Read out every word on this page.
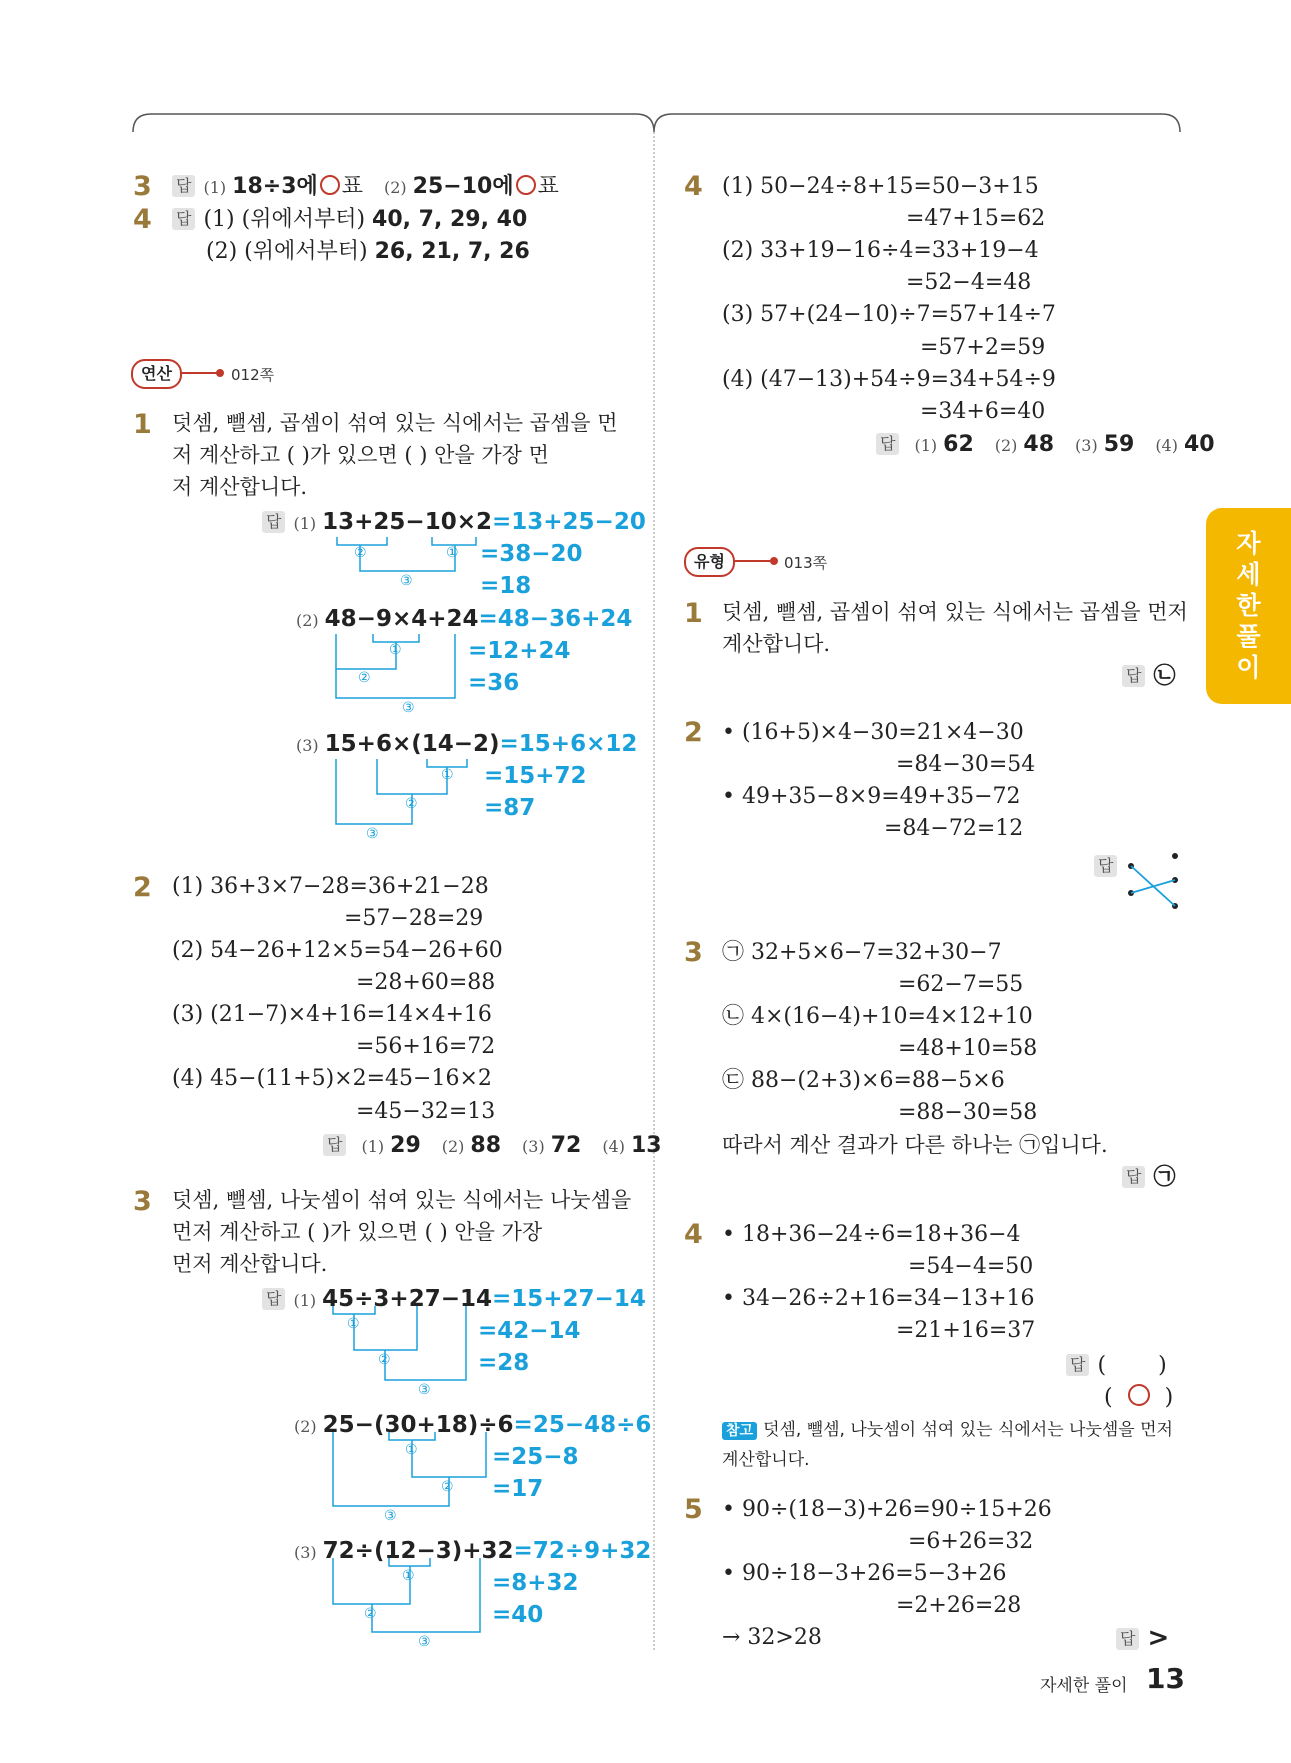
3 답 (1) 18÷3에 ○ 표 (2) 25−10에 ○ 표
4 답 (1) (위에서부터) 40, 7, 29, 40
(2) (위에서부터) 26, 21, 7, 26
연산	012쪽
1 덧셈, 뺄셈, 곱셈이 섞여 있는 식에서는 곱셈을 먼
저 계산하고 ( )가 있으면 ( ) 안을 가장 먼
저 계산합니다.
답 (1) 13+25−10×2=13+25−20
=38−20
=18
(2) 48−9×4+24=48−36+24
=12+24
=36
(3) 15+6×(14−2)=15+6×12
=15+72
=87
②	①
③
①
②
③
①
②
③
2 (1) 36+3×7−28=36+21−28
=57−28=29
(2) 54−26+12×5=54−26+60
=28+60=88
(3) (21−7)×4+16=14×4+16
=56+16=72
(4) 45−(11+5)×2=45−16×2
=45−32=13
답 (1) 29 (2) 88 (3) 72 (4) 13
3 덧셈, 뺄셈, 나눗셈이 섞여 있는 식에서는 나눗셈을
먼저 계산하고 ( )가 있으면 ( ) 안을 가장
먼저 계산합니다.
답 (1) 45÷3+27−14=15+27−14
=42−14
=28
(2) 25−(30+18)÷6=25−48÷6
=25−8
=17
(3) 72÷(12−3)+32=72÷9+32
=8+32
=40
①
②
③
①
②
③
①
②
③
4 (1) 50−24÷8+15=50−3+15
=47+15=62
(2) 33+19−16÷4=33+19−4
=52−4=48
(3) 57+(24−10)÷7=57+14÷7
=57+2=59
(4) (47−13)+54÷9=34+54÷9
=34+6=40
답 (1) 62 (2) 48 (3) 59 (4) 40
유형	013쪽
1 덧셈, 뺄셈, 곱셈이 섞여 있는 식에서는 곱셈을 먼저
계산합니다.
답 ㉡
2 • (16+5)×4−30=21×4−30
=84−30=54
• 49+35−8×9=49+35−72
=84−72=12
답
3 ㉠ 32+5×6−7=32+30−7
=62−7=55
㉡ 4×(16−4)+10=4×12+10
=48+10=58
㉢ 88−(2+3)×6=88−5×6
=88−30=58
따라서 계산 결과가 다른 하나는 ㉠입니다.
답 ㉠
4 • 18+36−24÷6=18+36−4
=54−4=50
• 34−26÷2+16=34−13+16
=21+16=37
답 ( )
( )
참고 덧셈, 뺄셈, 나눗셈이 섞여 있는 식에서는 나눗셈을 먼저
계산합니다.
5 • 90÷(18−3)+26=90÷15+26
=6+26=32
• 90÷18−3+26=5−3+26
=2+26=28
→ 32>28	답 >
자
세
한
풀
이
자세한 풀이 13
